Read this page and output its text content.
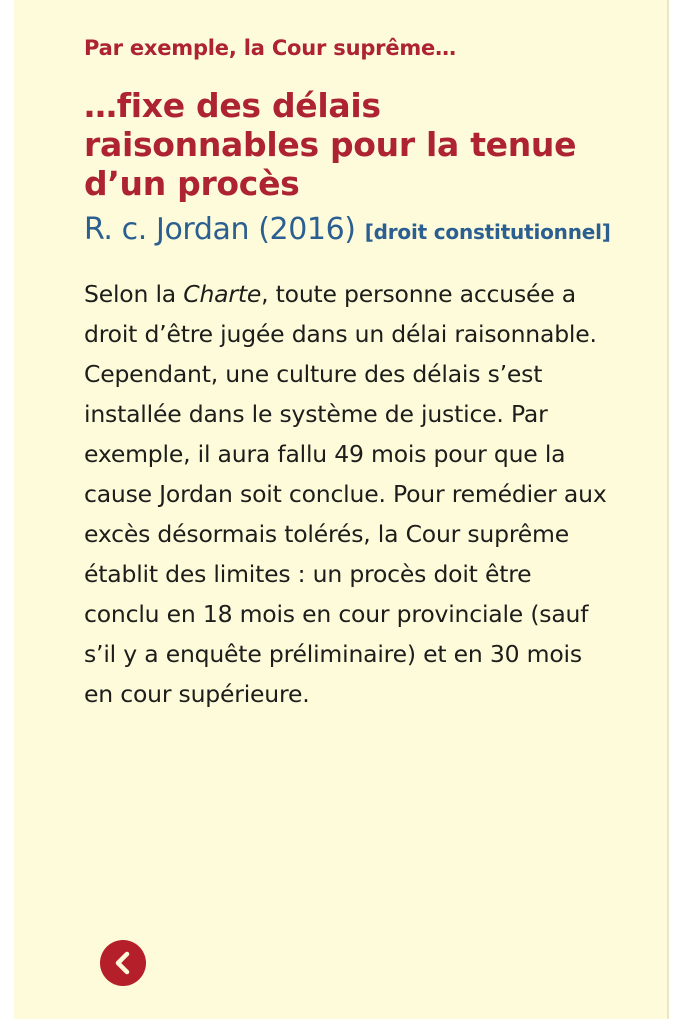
Par exemple, la Cour suprême…

…fixe des délais raisonnables pour la tenue d’un procès

R. c. Jordan (2016) [droit constitutionnel]

Selon la Charte, toute personne accusée a droit d’être jugée dans un délai raisonnable. Cependant, une culture des délais s’est installée dans le système de justice. Par exemple, il aura fallu 49 mois pour que la cause Jordan soit conclue. Pour remédier aux excès désormais tolérés, la Cour suprême établit des limites : un procès doit être conclu en 18 mois en cour provinciale (sauf s’il y a enquête préliminaire) et en 30 mois en cour supérieure.
